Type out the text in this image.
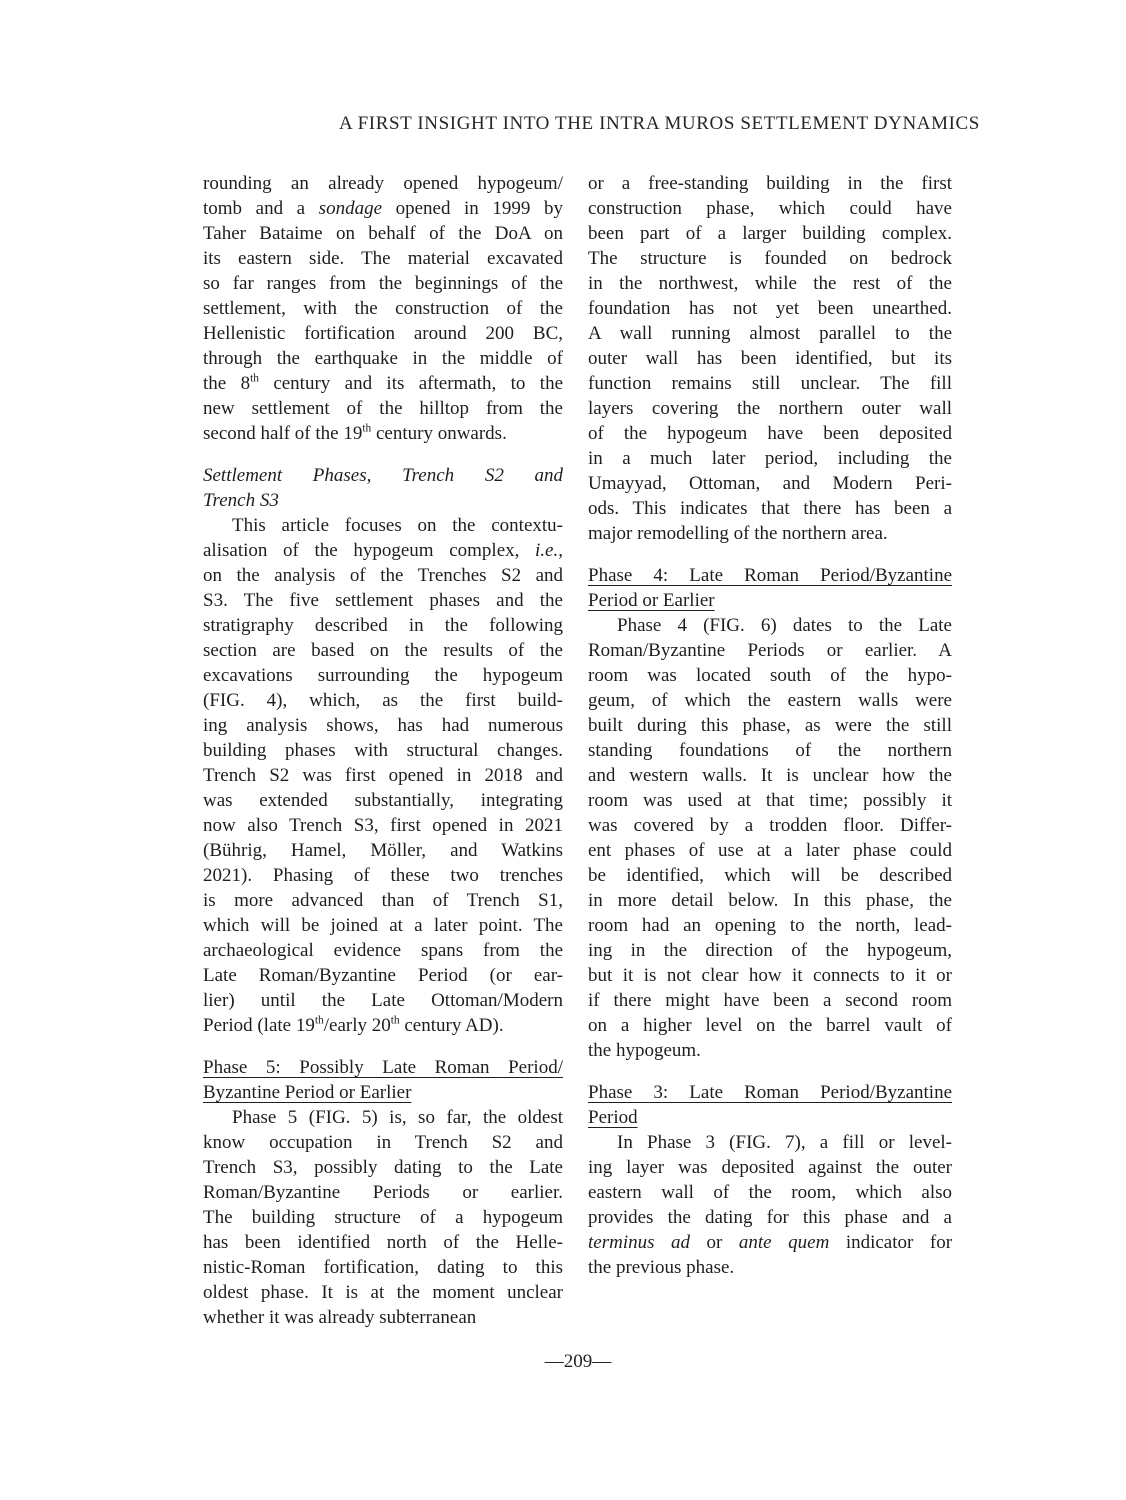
A FIRST INSIGHT INTO THE INTRA MUROS SETTLEMENT DYNAMICS
rounding an already opened hypogeum/
tomb and a sondage opened in 1999 by
Taher Bataime on behalf of the DoA on
its eastern side. The material excavated
so far ranges from the beginnings of the
settlement, with the construction of the
Hellenistic fortification around 200 BC,
through the earthquake in the middle of
the 8th century and its aftermath, to the
new settlement of the hilltop from the
second half of the 19th century onwards.
Settlement Phases, Trench S2 and
Trench S3
This article focuses on the contextu-
alisation of the hypogeum complex, i.e.,
on the analysis of the Trenches S2 and
S3. The five settlement phases and the
stratigraphy described in the following
section are based on the results of the
excavations surrounding the hypogeum
(FIG. 4), which, as the first build-
ing analysis shows, has had numerous
building phases with structural changes.
Trench S2 was first opened in 2018 and
was extended substantially, integrating
now also Trench S3, first opened in 2021
(Bührig, Hamel, Möller, and Watkins
2021). Phasing of these two trenches
is more advanced than of Trench S1,
which will be joined at a later point. The
archaeological evidence spans from the
Late Roman/Byzantine Period (or ear-
lier) until the Late Ottoman/Modern
Period (late 19th/early 20th century AD).
Phase 5: Possibly Late Roman Period/
Byzantine Period or Earlier
Phase 5 (FIG. 5) is, so far, the oldest
know occupation in Trench S2 and
Trench S3, possibly dating to the Late
Roman/Byzantine Periods or earlier.
The building structure of a hypogeum
has been identified north of the Helle-
nistic-Roman fortification, dating to this
oldest phase. It is at the moment unclear
whether it was already subterranean
or a free-standing building in the first
construction phase, which could have
been part of a larger building complex.
The structure is founded on bedrock
in the northwest, while the rest of the
foundation has not yet been unearthed.
A wall running almost parallel to the
outer wall has been identified, but its
function remains still unclear. The fill
layers covering the northern outer wall
of the hypogeum have been deposited
in a much later period, including the
Umayyad, Ottoman, and Modern Peri-
ods. This indicates that there has been a
major remodelling of the northern area.
Phase 4: Late Roman Period/Byzantine
Period or Earlier
Phase 4 (FIG. 6) dates to the Late
Roman/Byzantine Periods or earlier. A
room was located south of the hypo-
geum, of which the eastern walls were
built during this phase, as were the still
standing foundations of the northern
and western walls. It is unclear how the
room was used at that time; possibly it
was covered by a trodden floor. Differ-
ent phases of use at a later phase could
be identified, which will be described
in more detail below. In this phase, the
room had an opening to the north, lead-
ing in the direction of the hypogeum,
but it is not clear how it connects to it or
if there might have been a second room
on a higher level on the barrel vault of
the hypogeum.
Phase 3: Late Roman Period/Byzantine
Period
In Phase 3 (FIG. 7), a fill or level-
ing layer was deposited against the outer
eastern wall of the room, which also
provides the dating for this phase and a
terminus ad or ante quem indicator for
the previous phase.
—209—
